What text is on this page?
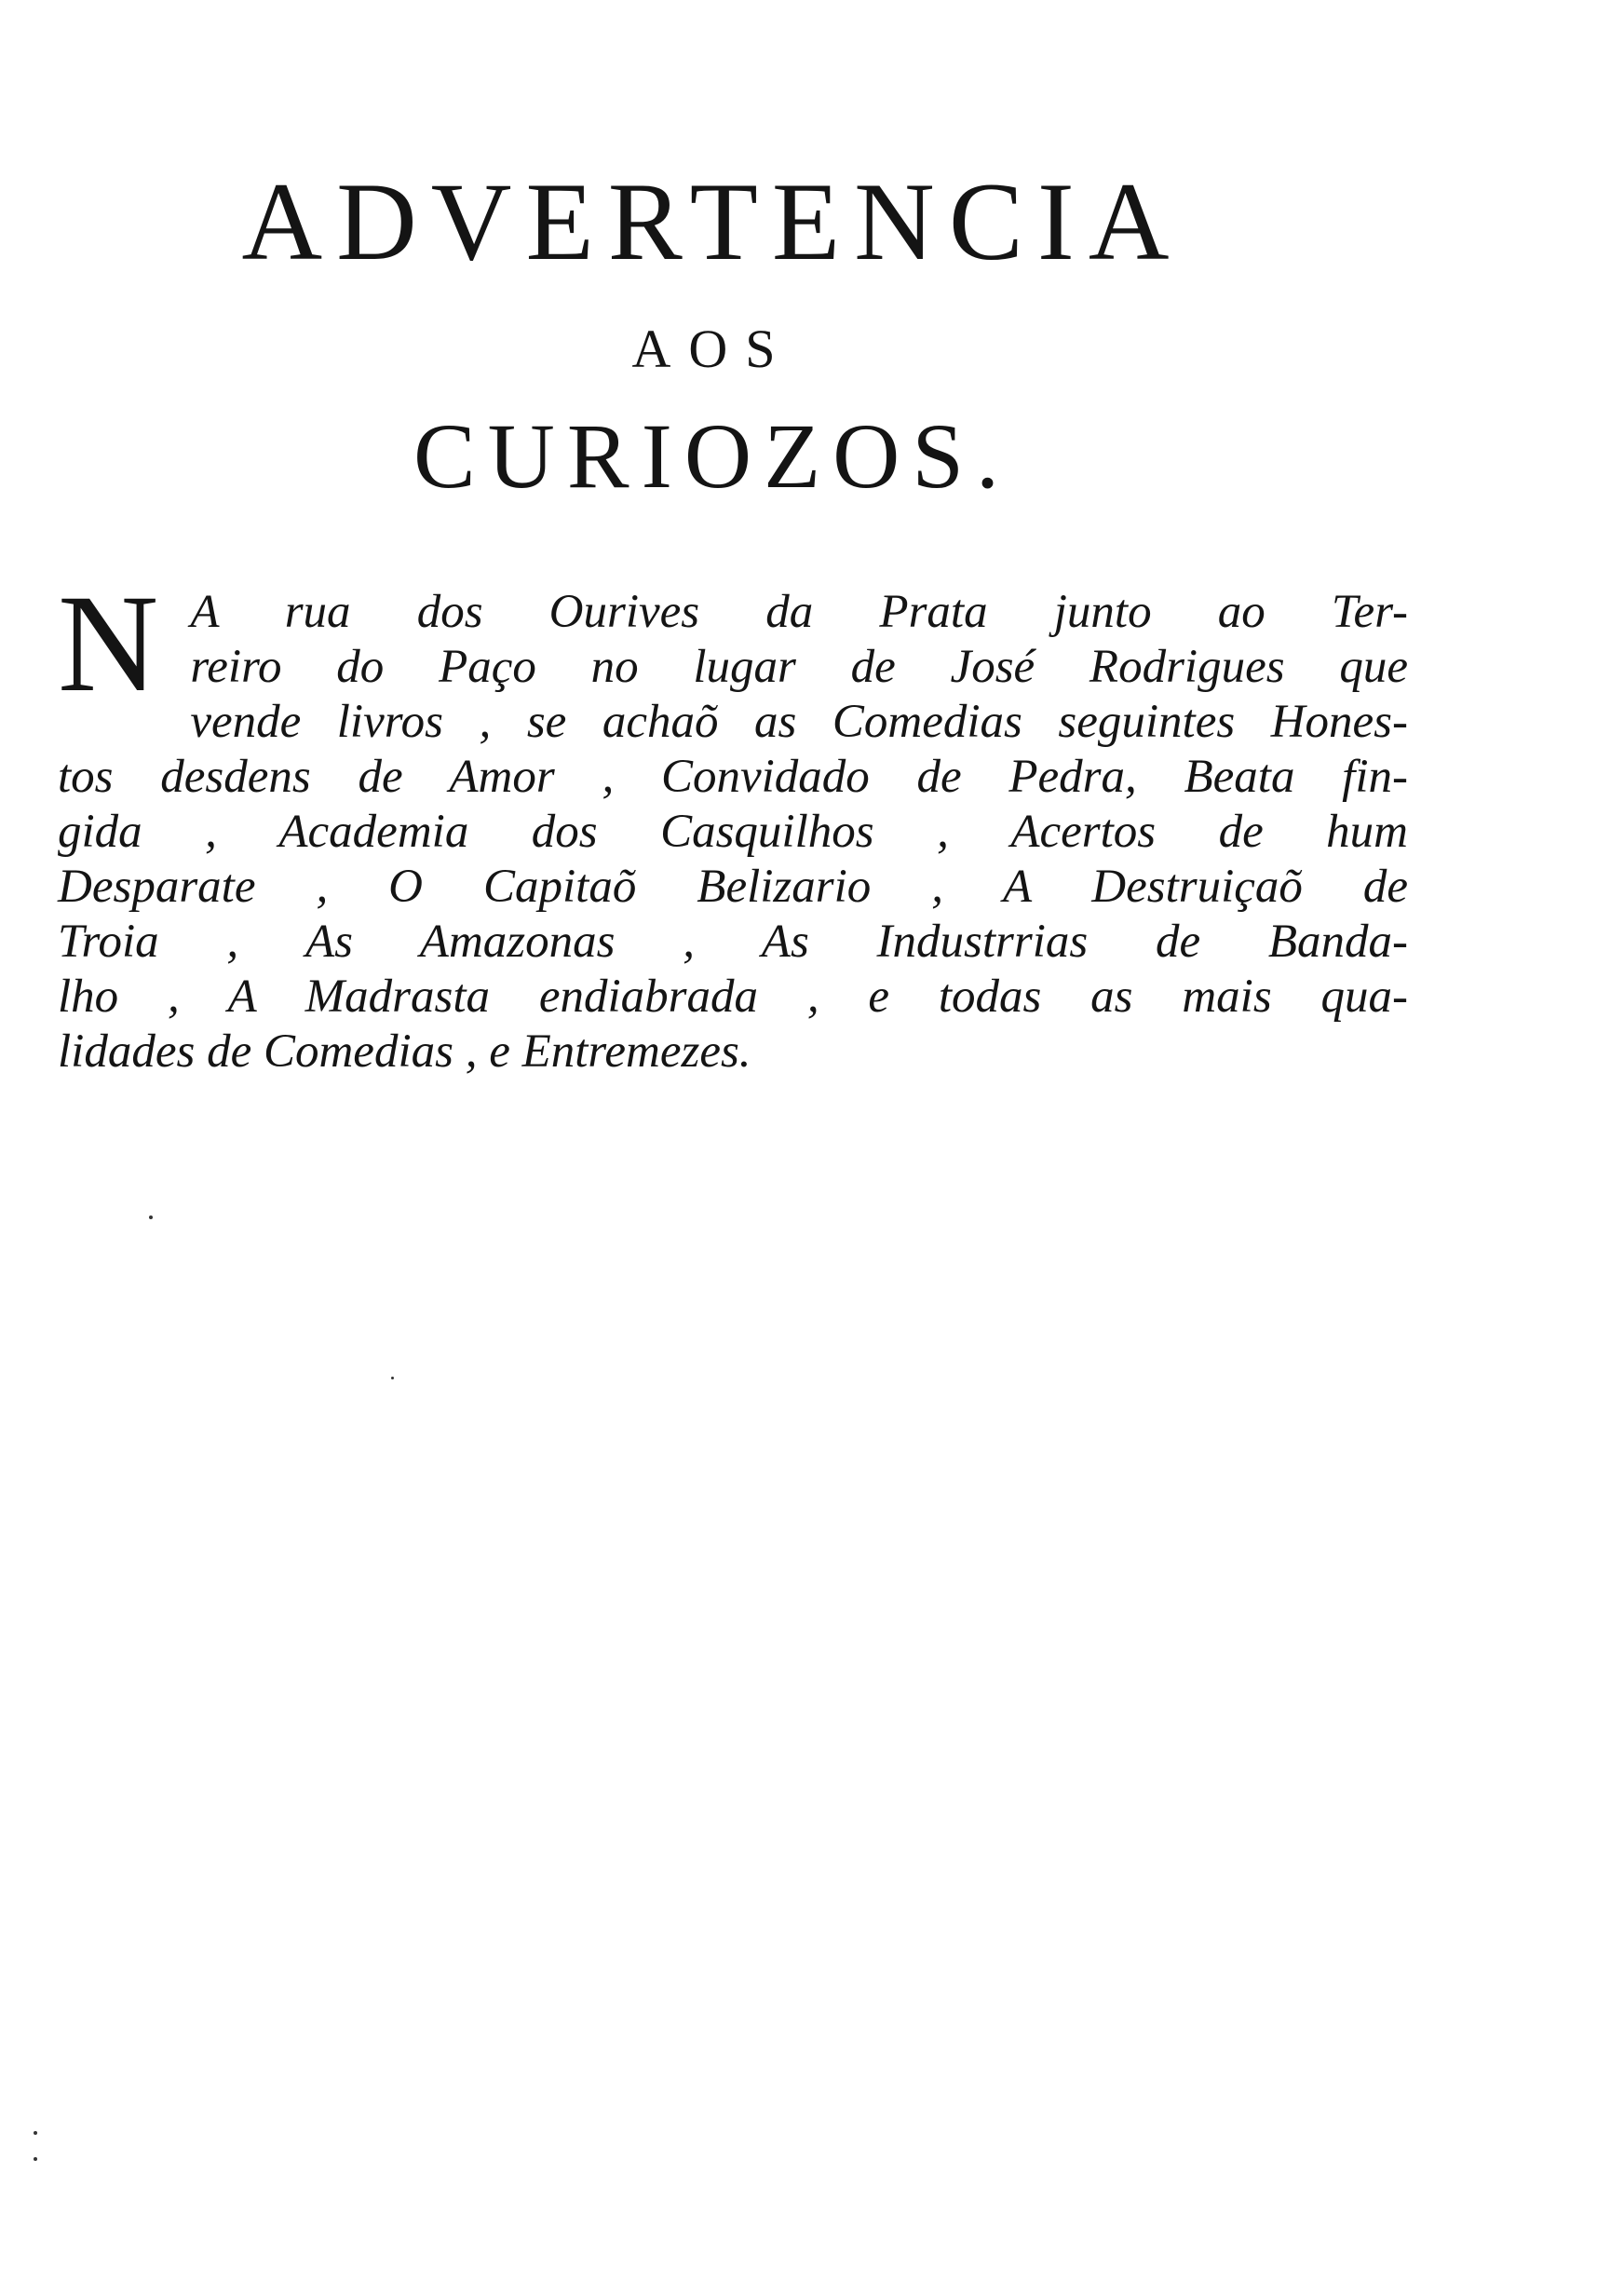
ADVERTENCIA
AOS
CURIOZOS.
N A rua dos Ourives da Prata junto ao Ter-
reiro do Paço no lugar de José Rodrigues que
vende livros , se achaõ as Comedias seguintes Hones-
tos desdens de Amor , Convidado de Pedra, Beata fin-
gida , Academia dos Casquilhos , Acertos de hum
Desparate , O Capitaõ Belizario , A Destruiçaõ de
Troia , As Amazonas , As Industrrias de Banda-
lho , A Madrasta endiabrada , e todas as mais qua-
lidades de Comedias , e Entremezes.
